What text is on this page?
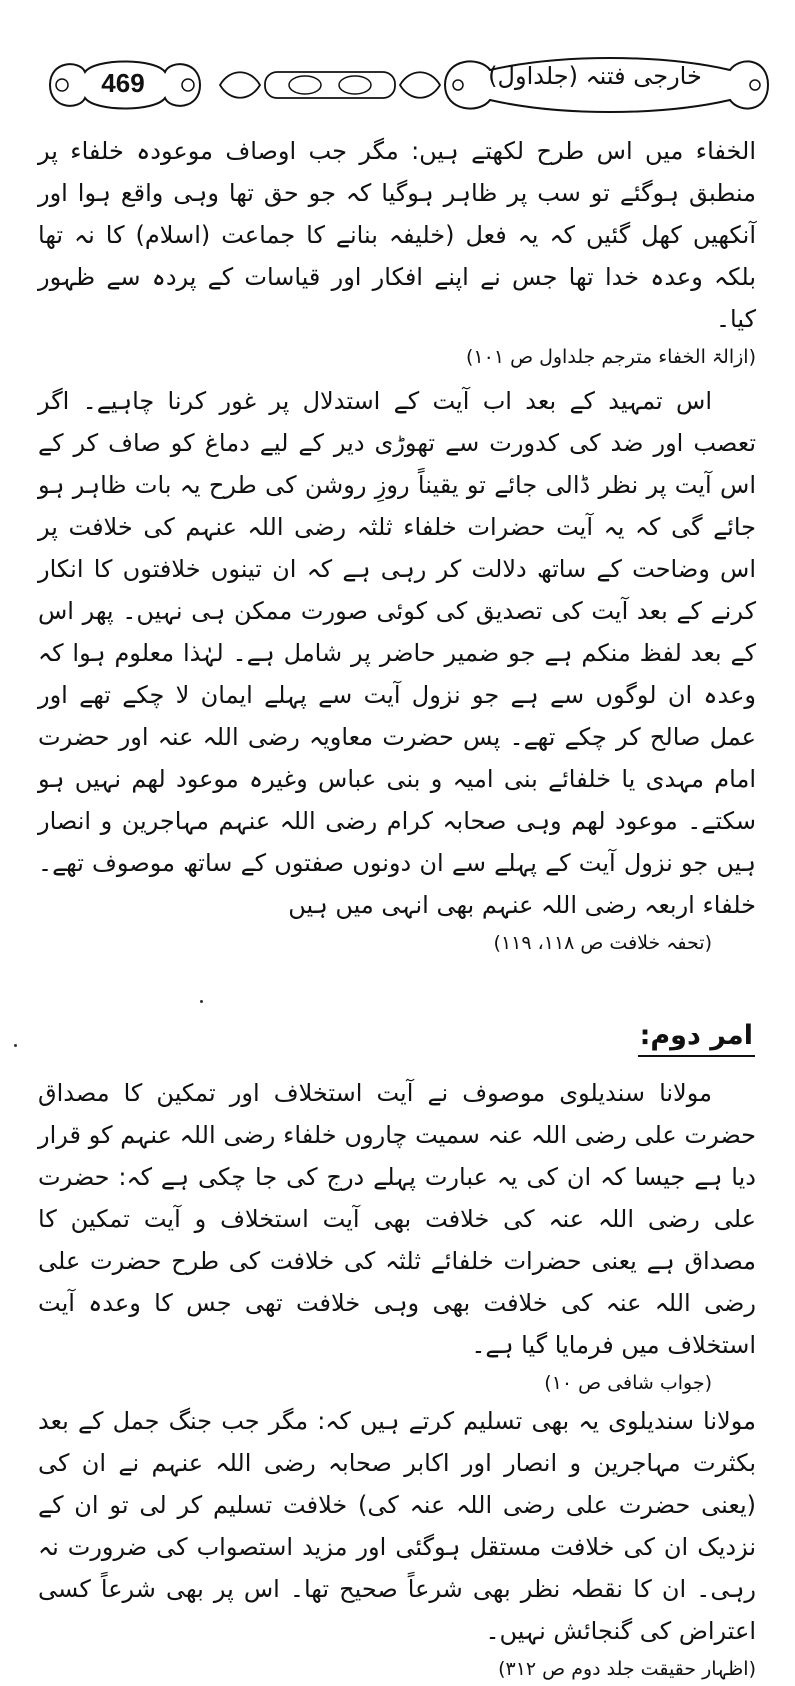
469	خارجی فتنہ (جلداول)

الخفاء میں اس طرح لکھتے ہیں: مگر جب اوصاف موعودہ خلفاء پر منطبق ہوگئے تو سب پر ظاہر ہوگیا کہ جو حق تھا وہی واقع ہوا اور آنکھیں کھل گئیں کہ یہ فعل (خلیفہ بنانے کا جماعت (اسلام) کا نہ تھا بلکہ وعدہ خدا تھا جس نے اپنے افکار اور قیاسات کے پردہ سے ظہور کیا۔
(ازالۃ الخفاء مترجم جلداول ص ۱۰۱)

اس تمہید کے بعد اب آیت کے استدلال پر غور کرنا چاہیے۔ اگر تعصب اور ضد کی کدورت سے تھوڑی دیر کے لیے دماغ کو صاف کر کے اس آیت پر نظر ڈالی جائے تو یقیناً روزِ روشن کی طرح یہ بات ظاہر ہو جائے گی کہ یہ آیت حضرات خلفاء ثلثہ رضی اللہ عنہم کی خلافت پر اس وضاحت کے ساتھ دلالت کر رہی ہے کہ ان تینوں خلافتوں کا انکار کرنے کے بعد آیت کی تصدیق کی کوئی صورت ممکن ہی نہیں۔ پھر اس کے بعد لفظ منکم ہے جو ضمیر حاضر پر شامل ہے۔ لہٰذا معلوم ہوا کہ وعدہ ان لوگوں سے ہے جو نزول آیت سے پہلے ایمان لا چکے تھے اور عمل صالح کر چکے تھے۔ پس حضرت معاویہ رضی اللہ عنہ اور حضرت امام مہدی یا خلفائے بنی امیہ و بنی عباس وغیرہ موعود لھم نہیں ہو سکتے۔ موعود لھم وہی صحابہ کرام رضی اللہ عنہم مہاجرین و انصار ہیں جو نزول آیت کے پہلے سے ان دونوں صفتوں کے ساتھ موصوف تھے۔ خلفاء اربعہ رضی اللہ عنہم بھی انہی میں ہیں
(تحفہ خلافت ص ۱۱۸، ۱۱۹)

امر دوم:

مولانا سندیلوی موصوف نے آیت استخلاف اور تمکین کا مصداق حضرت علی رضی اللہ عنہ سمیت چاروں خلفاء رضی اللہ عنہم کو قرار دیا ہے جیسا کہ ان کی یہ عبارت پہلے درج کی جا چکی ہے کہ: حضرت علی رضی اللہ عنہ کی خلافت بھی آیت استخلاف و آیت تمکین کا مصداق ہے یعنی حضرات خلفائے ثلثہ کی خلافت کی طرح حضرت علی رضی اللہ عنہ کی خلافت بھی وہی خلافت تھی جس کا وعدہ آیت استخلاف میں فرمایا گیا ہے۔
(جواب شافی ص ۱۰)

مولانا سندیلوی یہ بھی تسلیم کرتے ہیں کہ: مگر جب جنگ جمل کے بعد بکثرت مہاجرین و انصار اور اکابر صحابہ رضی اللہ عنہم نے ان کی (یعنی حضرت علی رضی اللہ عنہ کی) خلافت تسلیم کر لی تو ان کے نزدیک ان کی خلافت مستقل ہوگئی اور مزید استصواب کی ضرورت نہ رہی۔ ان کا نقطہ نظر بھی شرعاً صحیح تھا۔ اس پر بھی شرعاً کسی اعتراض کی گنجائش نہیں۔
(اظہار حقیقت جلد دوم ص ۳۱۲)
